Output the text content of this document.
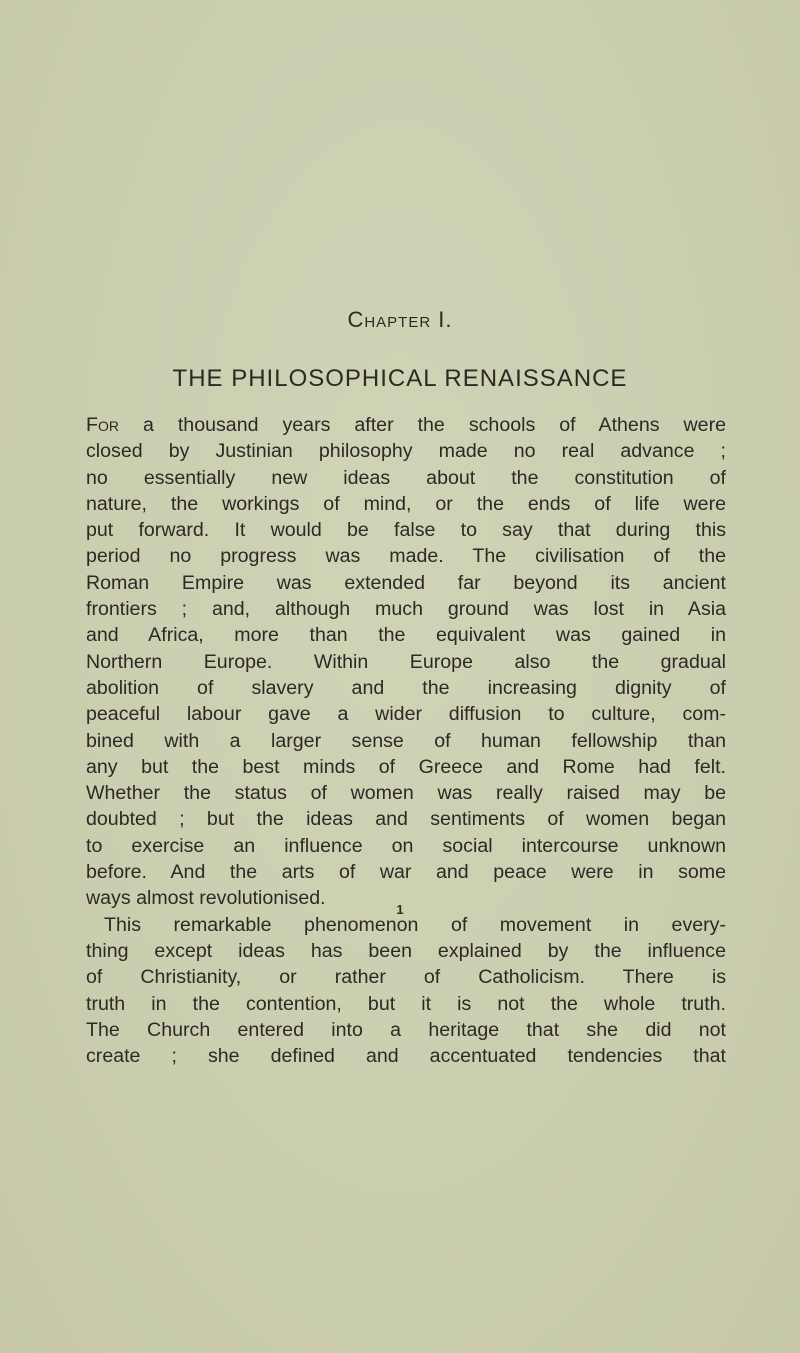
Chapter I.
THE PHILOSOPHICAL RENAISSANCE
For a thousand years after the schools of Athens were
closed by Justinian philosophy made no real advance ;
no essentially new ideas about the constitution of
nature, the workings of mind, or the ends of life were
put forward. It would be false to say that during this
period no progress was made. The civilisation of the
Roman Empire was extended far beyond its ancient
frontiers ; and, although much ground was lost in Asia
and Africa, more than the equivalent was gained in
Northern Europe. Within Europe also the gradual
abolition of slavery and the increasing dignity of
peaceful labour gave a wider diffusion to culture, com-
bined with a larger sense of human fellowship than
any but the best minds of Greece and Rome had felt.
Whether the status of women was really raised may be
doubted ; but the ideas and sentiments of women began
to exercise an influence on social intercourse unknown
before. And the arts of war and peace were in some
ways almost revolutionised.
This remarkable phenomenon of movement in every-
thing except ideas has been explained by the influence
of Christianity, or rather of Catholicism. There is
truth in the contention, but it is not the whole truth.
The Church entered into a heritage that she did not
create ; she defined and accentuated tendencies that
1
